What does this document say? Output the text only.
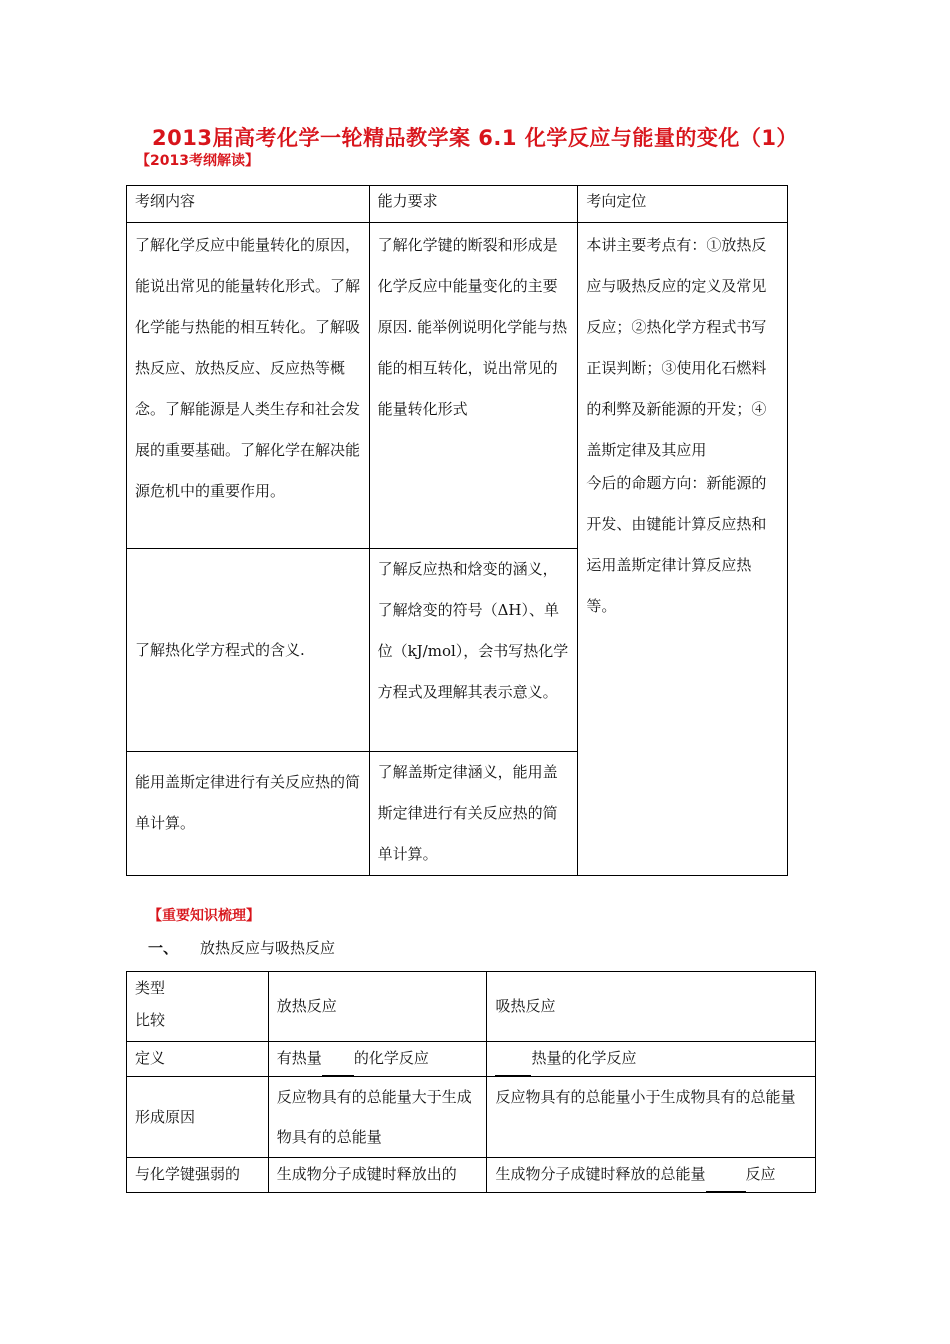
2013届高考化学一轮精品教学案 6.1 化学反应与能量的变化（1）
【2013考纲解读】
考纲内容	能力要求	考向定位
了解化学反应中能量转化的原因，能说出常见的能量转化形式。了解化学能与热能的相互转化。了解吸热反应、放热反应、反应热等概念。了解能源是人类生存和社会发展的重要基础。了解化学在解决能源危机中的重要作用。	了解化学键的断裂和形成是化学反应中能量变化的主要原因. 能举例说明化学能与热能的相互转化，说出常见的能量转化形式	本讲主要考点有：①放热反应与吸热反应的定义及常见反应；②热化学方程式书写正误判断；③使用化石燃料的利弊及新能源的开发；④盖斯定律及其应用
今后的命题方向：新能源的开发、由键能计算反应热和运用盖斯定律计算反应热等。

了解热化学方程式的含义.	了解反应热和焓变的涵义，了解焓变的符号（ΔH）、单位（kJ/mol），会书写热化学方程式及理解其表示意义。	
能用盖斯定律进行有关反应热的简单计算。	了解盖斯定律涵义，能用盖斯定律进行有关反应热的简单计算。	
【重要知识梳理】
一、 放热反应与吸热反应
类型
比较	放热反应	吸热反应
定义	有热量 的化学反应	热量的化学反应
形成原因	反应物具有的总能量大于生成物具有的总能量	反应物具有的总能量小于生成物具有的总能量
与化学键强弱的	生成物分子成键时释放出的	生成物分子成键时释放的总能量 反应
